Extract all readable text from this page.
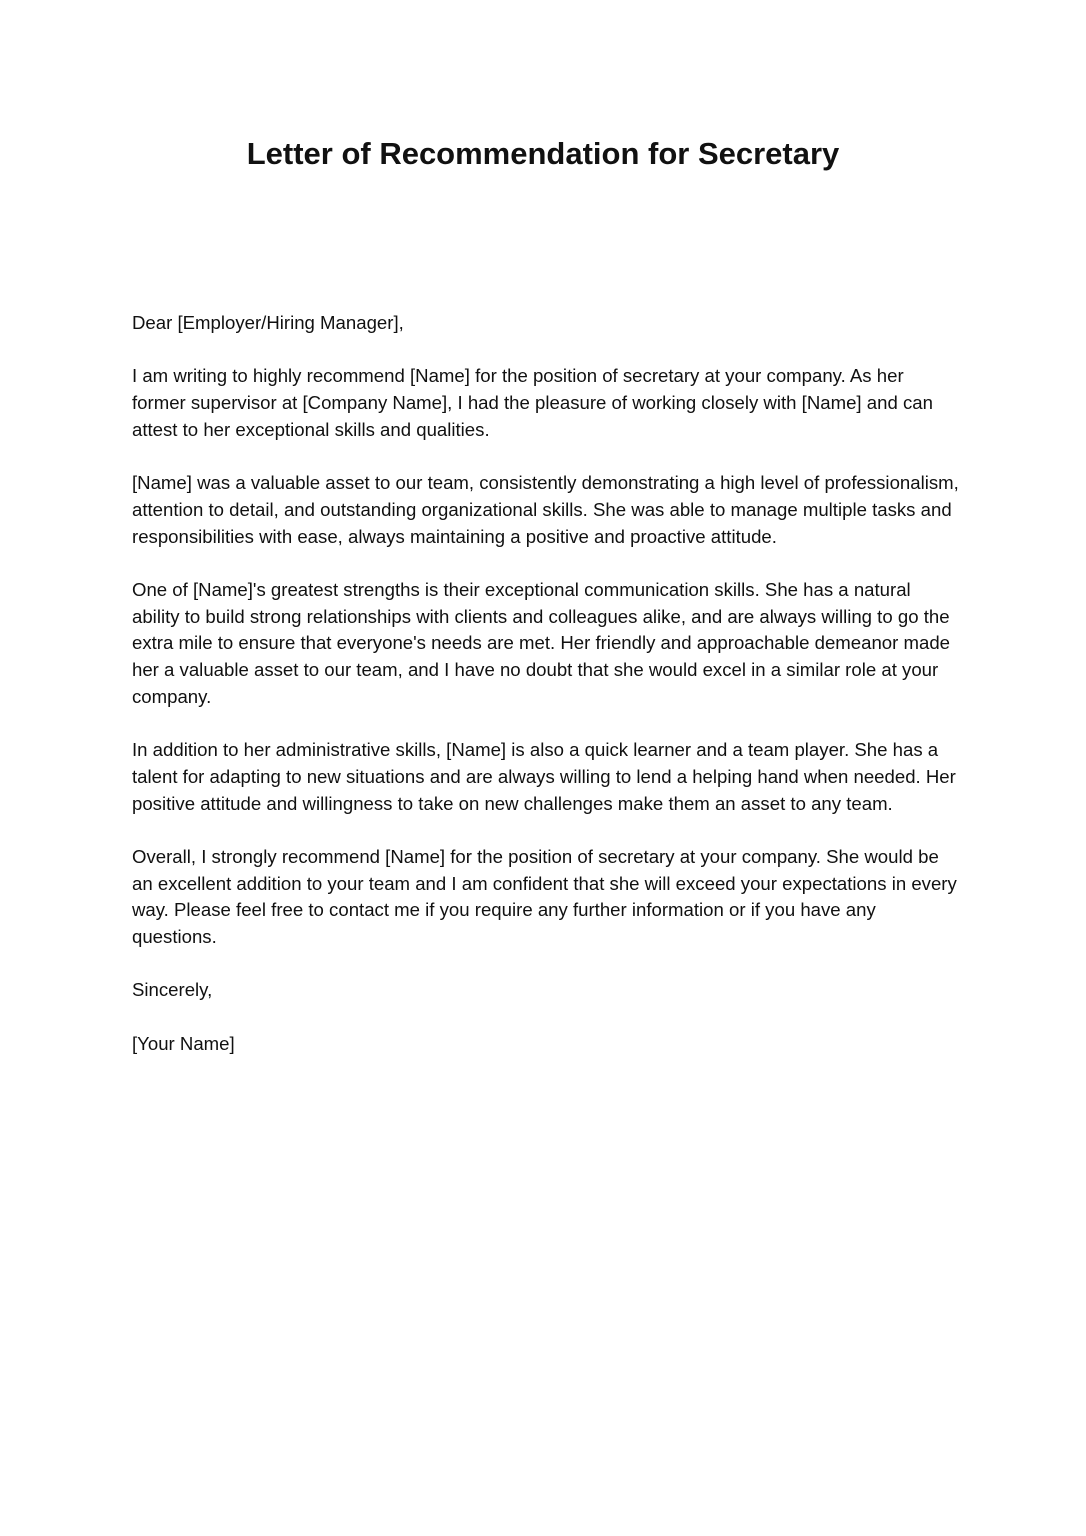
Letter of Recommendation for Secretary

Dear [Employer/Hiring Manager],

I am writing to highly recommend [Name] for the position of secretary at your company. As her former supervisor at [Company Name], I had the pleasure of working closely with [Name] and can attest to her exceptional skills and qualities.

[Name] was a valuable asset to our team, consistently demonstrating a high level of professionalism, attention to detail, and outstanding organizational skills. She was able to manage multiple tasks and responsibilities with ease, always maintaining a positive and proactive attitude.

One of [Name]'s greatest strengths is their exceptional communication skills. She has a natural ability to build strong relationships with clients and colleagues alike, and are always willing to go the extra mile to ensure that everyone's needs are met. Her friendly and approachable demeanor made her a valuable asset to our team, and I have no doubt that she would excel in a similar role at your company.

In addition to her administrative skills, [Name] is also a quick learner and a team player. She has a talent for adapting to new situations and are always willing to lend a helping hand when needed. Her positive attitude and willingness to take on new challenges make them an asset to any team.

Overall, I strongly recommend [Name] for the position of secretary at your company. She would be an excellent addition to your team and I am confident that she will exceed your expectations in every way. Please feel free to contact me if you require any further information or if you have any questions.

Sincerely,

[Your Name]
